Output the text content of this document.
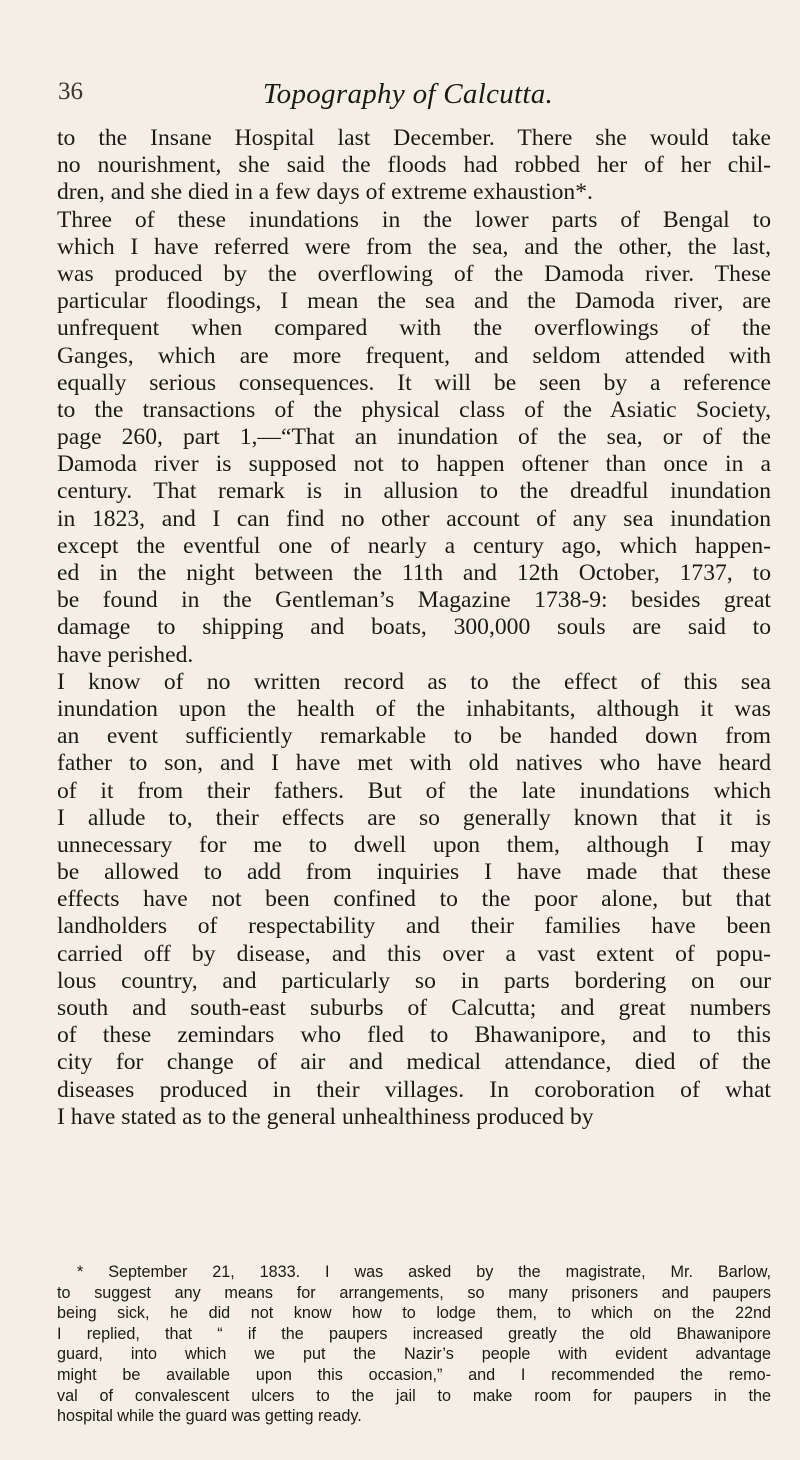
36	Topography of Calcutta.
to the Insane Hospital last December. There she would take
no nourishment, she said the floods had robbed her of her chil-
dren, and she died in a few days of extreme exhaustion*.
Three of these inundations in the lower parts of Bengal to
which I have referred were from the sea, and the other, the last,
was produced by the overflowing of the Damoda river. These
particular floodings, I mean the sea and the Damoda river, are
unfrequent when compared with the overflowings of the
Ganges, which are more frequent, and seldom attended with
equally serious consequences. It will be seen by a reference
to the transactions of the physical class of the Asiatic Society,
page 260, part 1,—“That an inundation of the sea, or of the
Damoda river is supposed not to happen oftener than once in a
century. That remark is in allusion to the dreadful inundation
in 1823, and I can find no other account of any sea inundation
except the eventful one of nearly a century ago, which happen-
ed in the night between the 11th and 12th October, 1737, to
be found in the Gentleman’s Magazine 1738-9: besides great
damage to shipping and boats, 300,000 souls are said to
have perished.
I know of no written record as to the effect of this sea
inundation upon the health of the inhabitants, although it was
an event sufficiently remarkable to be handed down from
father to son, and I have met with old natives who have heard
of it from their fathers. But of the late inundations which
I allude to, their effects are so generally known that it is
unnecessary for me to dwell upon them, although I may
be allowed to add from inquiries I have made that these
effects have not been confined to the poor alone, but that
landholders of respectability and their families have been
carried off by disease, and this over a vast extent of popu-
lous country, and particularly so in parts bordering on our
south and south-east suburbs of Calcutta; and great numbers
of these zemindars who fled to Bhawanipore, and to this
city for change of air and medical attendance, died of the
diseases produced in their villages. In coroboration of what
I have stated as to the general unhealthiness produced by
* September 21, 1833. I was asked by the magistrate, Mr. Barlow,
to suggest any means for arrangements, so many prisoners and paupers
being sick, he did not know how to lodge them, to which on the 22nd
I replied, that “ if the paupers increased greatly the old Bhawanipore
guard, into which we put the Nazir’s people with evident advantage
might be available upon this occasion,” and I recommended the remo-
val of convalescent ulcers to the jail to make room for paupers in the
hospital while the guard was getting ready.
